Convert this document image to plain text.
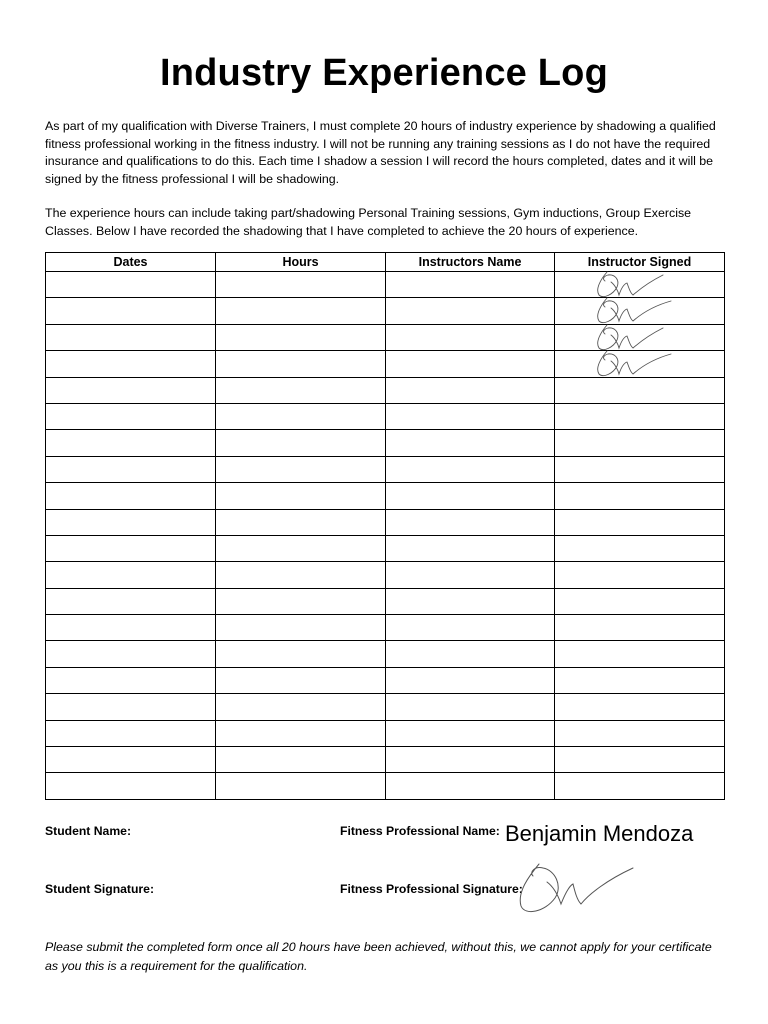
Industry Experience Log
As part of my qualification with Diverse Trainers, I must complete 20 hours of industry experience by shadowing a qualified fitness professional working in the fitness industry. I will not be running any training sessions as I do not have the required insurance and qualifications to do this. Each time I shadow a session I will record the hours completed, dates and it will be signed by the fitness professional I will be shadowing.
The experience hours can include taking part/shadowing Personal Training sessions, Gym inductions, Group Exercise Classes. Below I have recorded the shadowing that I have completed to achieve the 20 hours of experience.
Dates	Hours	Instructors Name	Instructor Signed

Student Name:	Fitness Professional Name: Benjamin Mendoza
Student Signature:	Fitness Professional Signature:
Please submit the completed form once all 20 hours have been achieved, without this, we cannot apply for your certificate as you this is a requirement for the qualification.
